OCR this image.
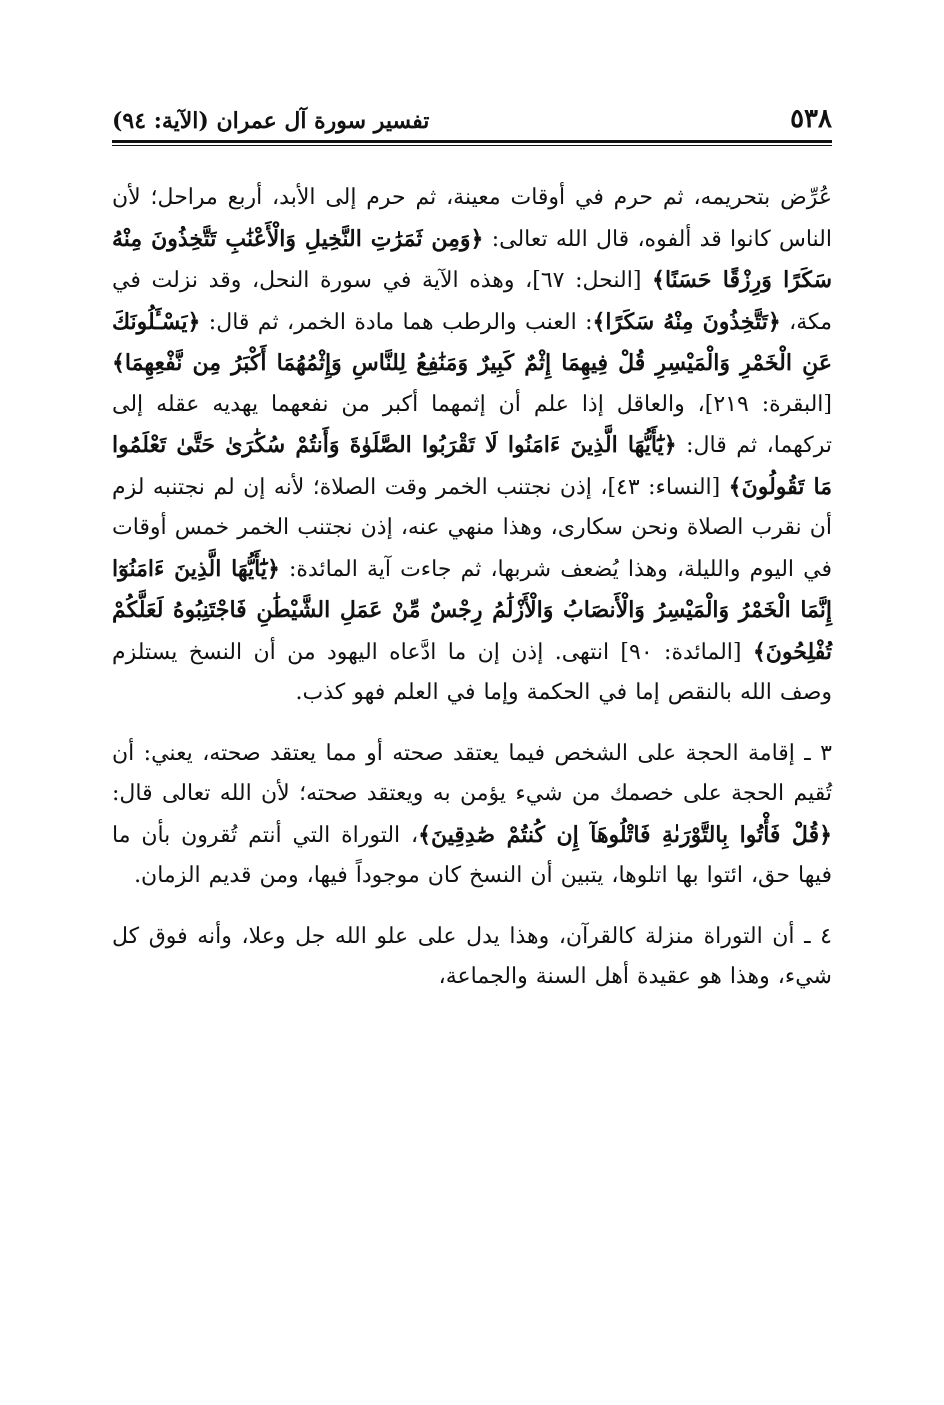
٥٣٨
تفسير سورة آل عمران (الآية: ٩٤)

عُرِّض بتحريمه، ثم حرم في أوقات معينة، ثم حرم إلى الأبد، أربع مراحل؛ لأن الناس كانوا قد ألفوه، قال الله تعالى: ﴿وَمِن ثَمَرَٰتِ النَّخِيلِ وَالْأَعْنَٰبِ تَتَّخِذُونَ مِنْهُ سَكَرًا وَرِزْقًا حَسَنًا﴾ [النحل: ٦٧]، وهذه الآية في سورة النحل، وقد نزلت في مكة، ﴿تَتَّخِذُونَ مِنْهُ سَكَرًا﴾: العنب والرطب هما مادة الخمر، ثم قال: ﴿يَسْـَٔلُونَكَ عَنِ الْخَمْرِ وَالْمَيْسِرِ قُلْ فِيهِمَا إِثْمٌ كَبِيرٌ وَمَنَٰفِعُ لِلنَّاسِ وَإِثْمُهُمَا أَكْبَرُ مِن نَّفْعِهِمَا﴾ [البقرة: ٢١٩]، والعاقل إذا علم أن إثمهما أكبر من نفعهما يهديه عقله إلى تركهما، ثم قال: ﴿يَٰٓأَيُّهَا الَّذِينَ ءَامَنُوا لَا تَقْرَبُوا الصَّلَوٰةَ وَأَنتُمْ سُكَٰرَىٰ حَتَّىٰ تَعْلَمُوا مَا تَقُولُونَ﴾ [النساء: ٤٣]، إذن نجتنب الخمر وقت الصلاة؛ لأنه إن لم نجتنبه لزم أن نقرب الصلاة ونحن سكارى، وهذا منهي عنه، إذن نجتنب الخمر خمس أوقات في اليوم والليلة، وهذا يُضعف شربها، ثم جاءت آية المائدة: ﴿يَٰٓأَيُّهَا الَّذِينَ ءَامَنُوٓا إِنَّمَا الْخَمْرُ وَالْمَيْسِرُ وَالْأَنصَابُ وَالْأَزْلَٰمُ رِجْسٌ مِّنْ عَمَلِ الشَّيْطَٰنِ فَاجْتَنِبُوهُ لَعَلَّكُمْ تُفْلِحُونَ﴾ [المائدة: ٩٠] انتهى. إذن إن ما ادَّعاه اليهود من أن النسخ يستلزم وصف الله بالنقص إما في الحكمة وإما في العلم فهو كذب.

٣ ـ إقامة الحجة على الشخص فيما يعتقد صحته أو مما يعتقد صحته، يعني: أن تُقيم الحجة على خصمك من شيء يؤمن به ويعتقد صحته؛ لأن الله تعالى قال: ﴿قُلْ فَأْتُوا بِالتَّوْرَىٰةِ فَاتْلُوهَآ إِن كُنتُمْ صَٰدِقِينَ﴾، التوراة التي أنتم تُقرون بأن ما فيها حق، ائتوا بها اتلوها، يتبين أن النسخ كان موجوداً فيها، ومن قديم الزمان.

٤ ـ أن التوراة منزلة كالقرآن، وهذا يدل على علو الله جل وعلا، وأنه فوق كل شيء، وهذا هو عقيدة أهل السنة والجماعة،
